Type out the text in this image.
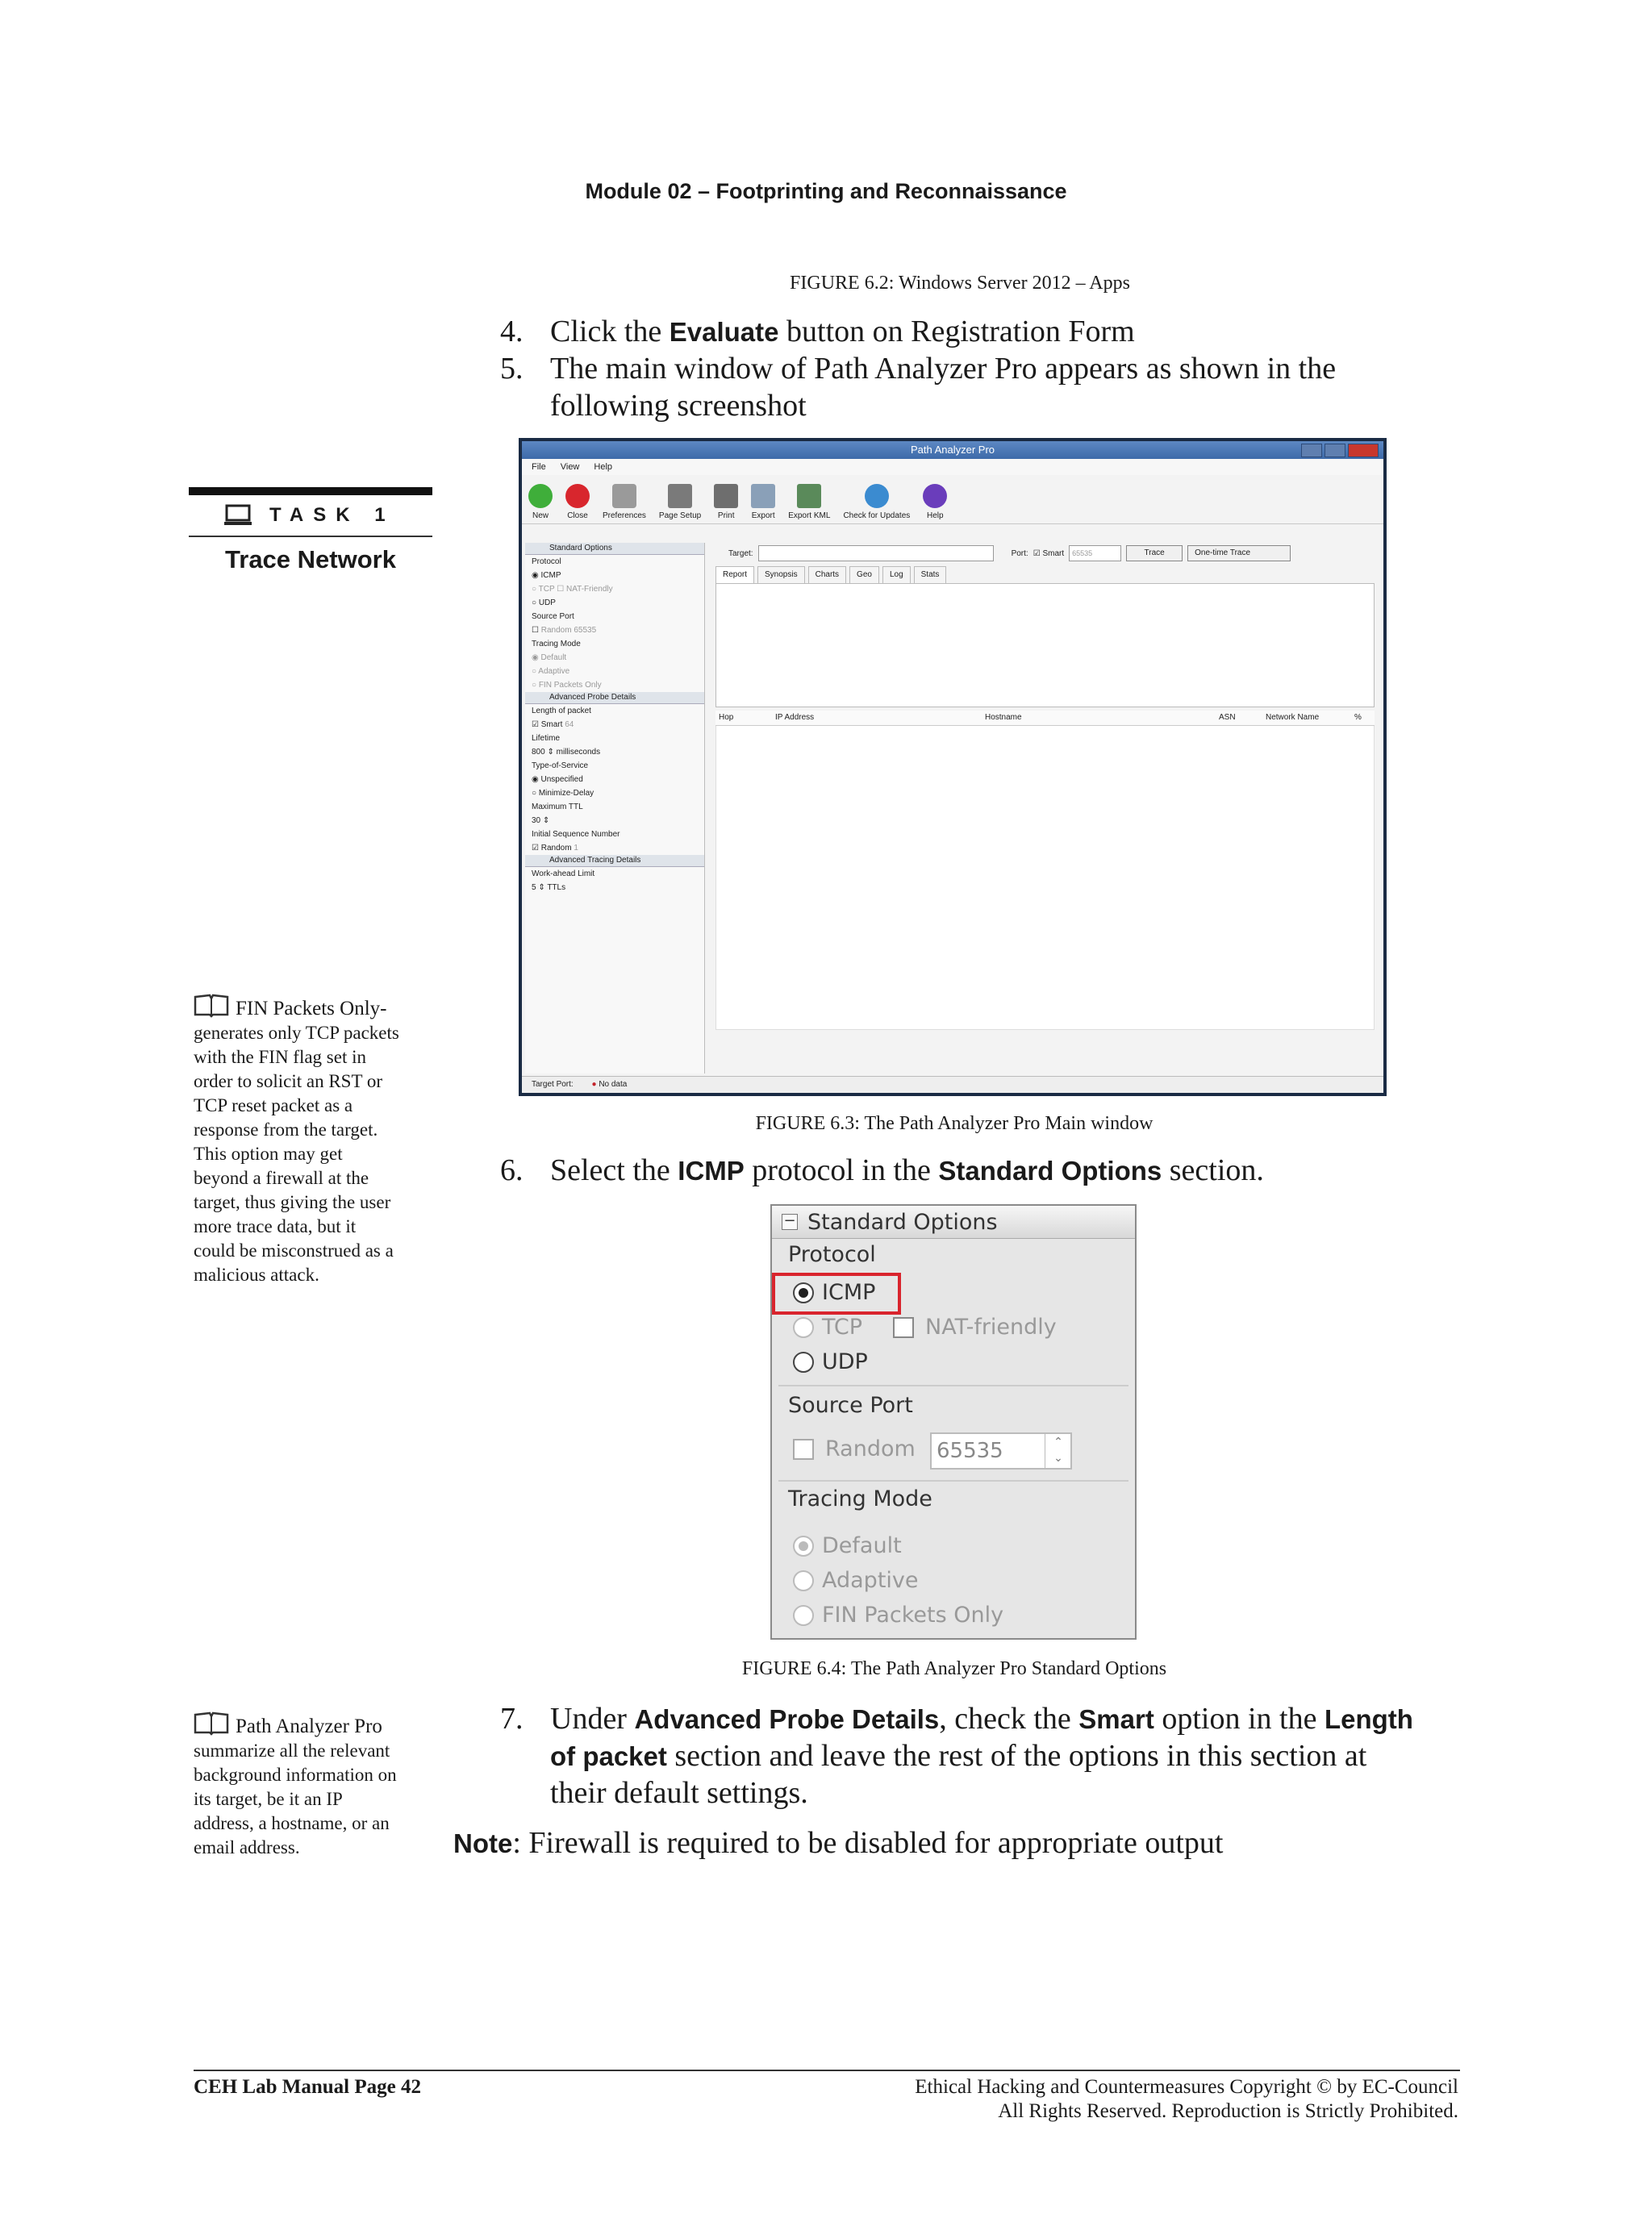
Module 02 – Footprinting and Reconnaissance
FIGURE 6.2: Windows Server 2012 – Apps
4. Click the Evaluate button on Registration Form
5. The main window of Path Analyzer Pro appears as shown in the
following screenshot
TASK 1
Trace Network
FIN Packets Only-
generates only TCP packets
with the FIN flag set in
order to solicit an RST or
TCP reset packet as a
response from the target.
This option may get
beyond a firewall at the
target, thus giving the user
more trace data, but it
could be misconstrued as a
malicious attack.
Path Analyzer Pro
File View Help
New Close Preferences Page Setup Print Export Export KML Check for Updates Help
Standard Options
Protocol
◉ ICMP
○ TCP ☐ NAT-Friendly
○ UDP
Source Port
☐ Random 65535
Tracing Mode
◉ Default
○ Adaptive
○ FIN Packets Only
Advanced Probe Details
Length of packet
☑ Smart 64
Lifetime
800 ⇕ milliseconds
Type-of-Service
◉ Unspecified
○ Minimize-Delay
Maximum TTL
30 ⇕
Initial Sequence Number
☑ Random 1
Advanced Tracing Details
Work-ahead Limit
5 ⇕ TTLs
Target:	Port: ☑ Smart	65535	Trace	One-time Trace
Report	Synopsis	Charts	Geo	Log	Stats
Hop	IP Address	Hostname	ASN	Network Name	%
Target Port: ● No data
FIGURE 6.3: The Path Analyzer Pro Main window
6. Select the ICMP protocol in the Standard Options section.
− Standard Options
Protocol
ICMP
TCP	NAT-friendly
UDP
Source Port
Random	65535	⌃
⌄
Tracing Mode
Default
Adaptive
FIN Packets Only
FIGURE 6.4: The Path Analyzer Pro Standard Options
Path Analyzer Pro
summarize all the relevant
background information on
its target, be it an IP
address, a hostname, or an
email address.
7. Under Advanced Probe Details, check the Smart option in the Length
of packet section and leave the rest of the options in this section at
their default settings.
Note: Firewall is required to be disabled for appropriate output
CEH Lab Manual Page 42	Ethical Hacking and Countermeasures Copyright © by EC-Council
All Rights Reserved. Reproduction is Strictly Prohibited.
